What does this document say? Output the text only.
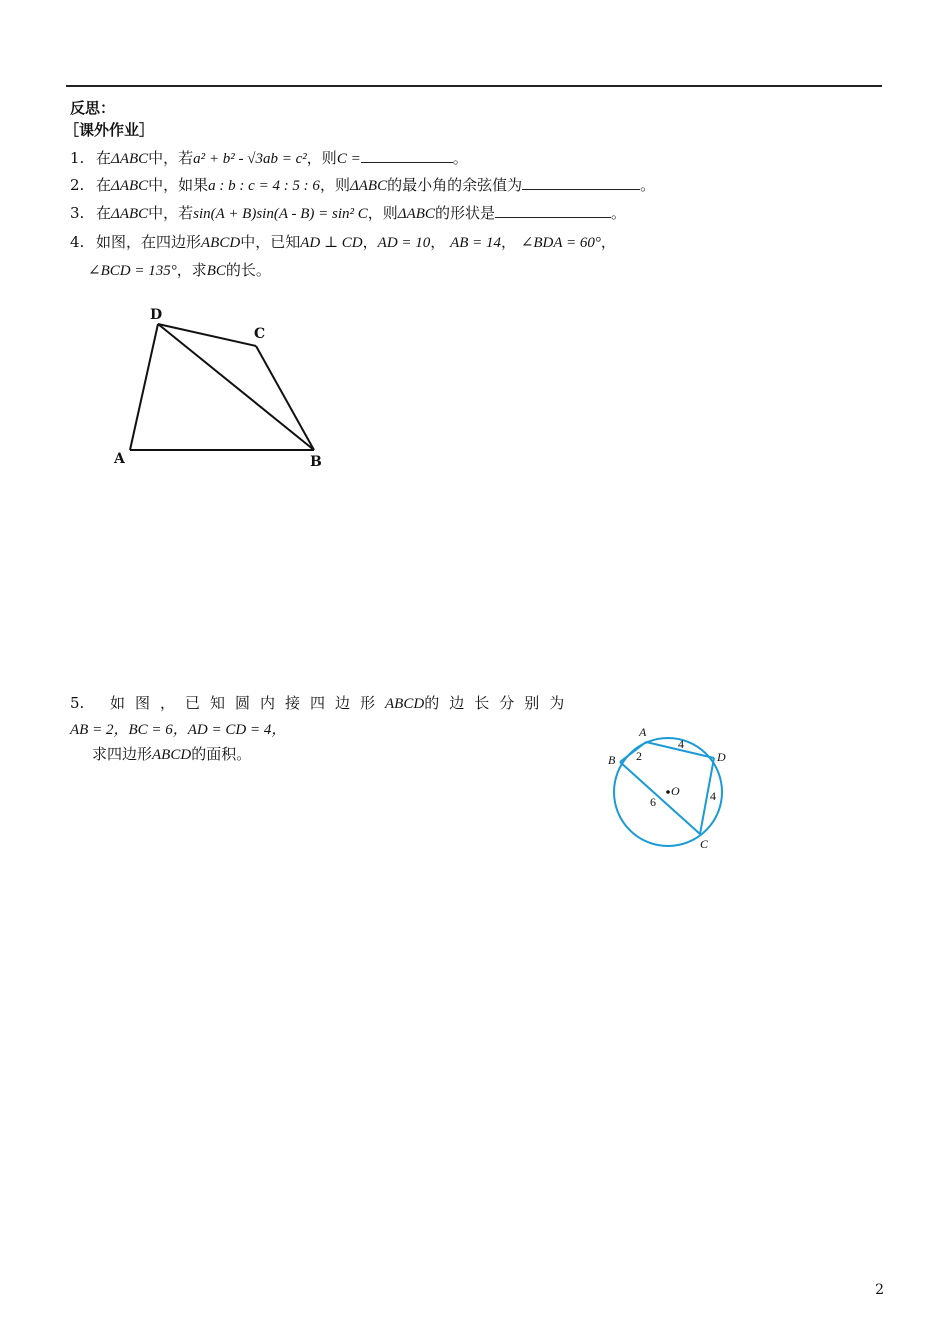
反思：
［课外作业］
1. 在ΔABC中，若a² + b² - √3ab = c²，则C =	。
2. 在ΔABC中，如果a : b : c = 4 : 5 : 6，则ΔABC的最小角的余弦值为	。
3. 在ΔABC中，若sin(A + B)sin(A - B) = sin² C，则ΔABC的形状是	。
4. 如图，在四边形ABCD中，已知AD ⊥ CD，AD = 10， AB = 14， ∠BDA = 60°，
∠BCD = 135°，求BC的长。
A	B
C
D
5. 如图，已知圆内接四边形ABCD的边长分别为
AB = 2，BC = 6，AD = CD = 4，
求四边形ABCD的面积。
A
B
C
D
O
2
4
6	4
2
